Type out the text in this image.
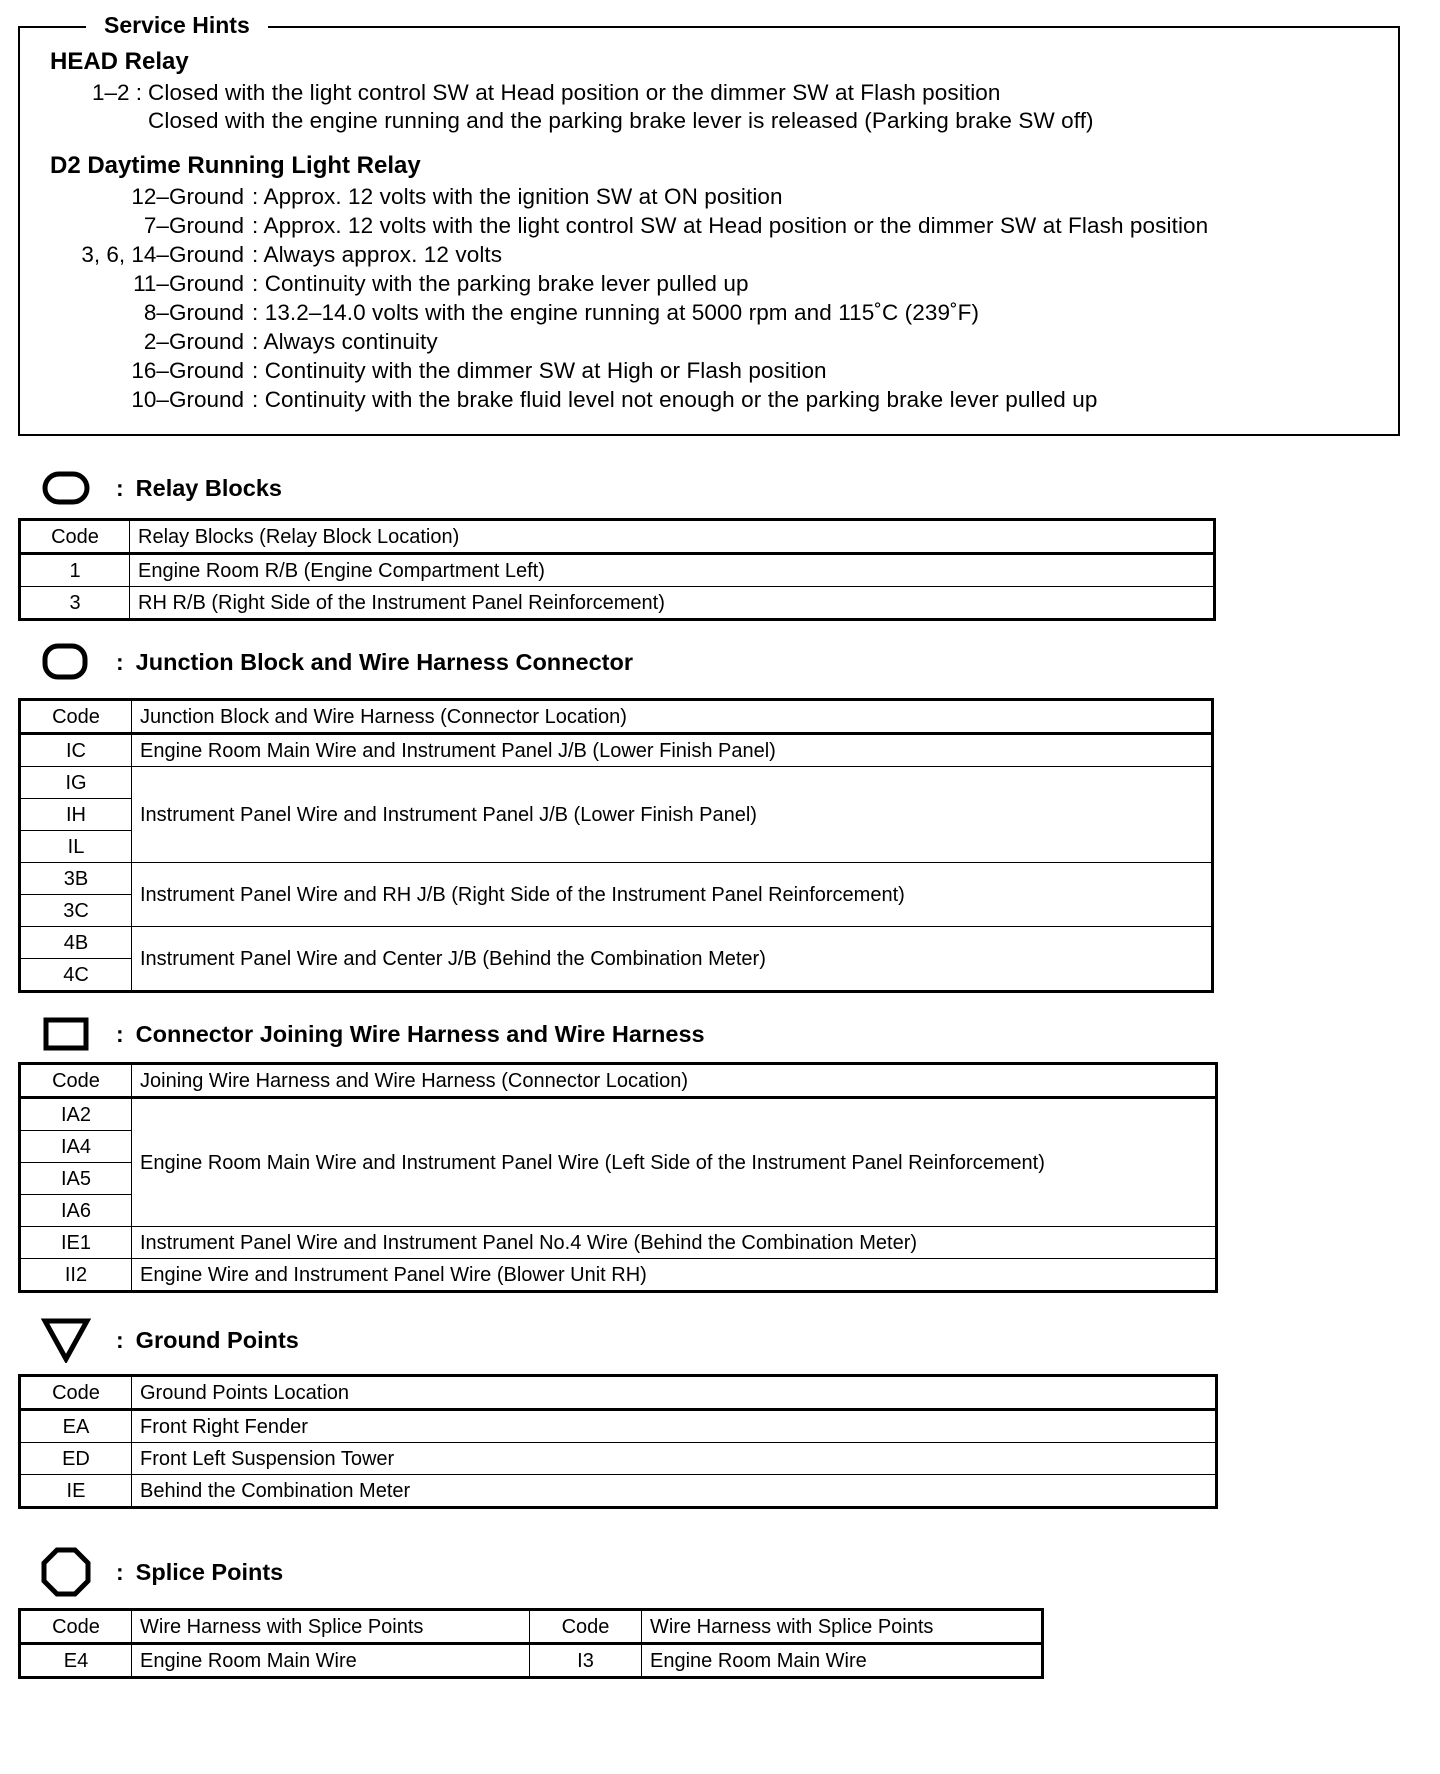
Service Hints
HEAD Relay
1–2 : Closed with the light control SW at Head position or the dimmer SW at Flash position
Closed with the engine running and the parking brake lever is released (Parking brake SW off)
D2 Daytime Running Light Relay
12–Ground : Approx. 12 volts with the ignition SW at ON position
7–Ground : Approx. 12 volts with the light control SW at Head position or the dimmer SW at Flash position
3, 6, 14–Ground : Always approx. 12 volts
11–Ground : Continuity with the parking brake lever pulled up
8–Ground : 13.2–14.0 volts with the engine running at 5000 rpm and 115˚C (239˚F)
2–Ground : Always continuity
16–Ground : Continuity with the dimmer SW at High or Flash position
10–Ground : Continuity with the brake fluid level not enough or the parking brake lever pulled up
: Relay Blocks
Code	Relay Blocks (Relay Block Location)
1	Engine Room R/B (Engine Compartment Left)
3	RH R/B (Right Side of the Instrument Panel Reinforcement)
: Junction Block and Wire Harness Connector
Code	Junction Block and Wire Harness (Connector Location)
IC	Engine Room Main Wire and Instrument Panel J/B (Lower Finish Panel)
IG	Instrument Panel Wire and Instrument Panel J/B (Lower Finish Panel)
IH	
IL	
3B	Instrument Panel Wire and RH J/B (Right Side of the Instrument Panel Reinforcement)
3C	
4B	Instrument Panel Wire and Center J/B (Behind the Combination Meter)
4C	
: Connector Joining Wire Harness and Wire Harness
Code	Joining Wire Harness and Wire Harness (Connector Location)
IA2	Engine Room Main Wire and Instrument Panel Wire (Left Side of the Instrument Panel Reinforcement)
IA4	
IA5	
IA6	
IE1	Instrument Panel Wire and Instrument Panel No.4 Wire (Behind the Combination Meter)
II2	Engine Wire and Instrument Panel Wire (Blower Unit RH)
: Ground Points
Code	Ground Points Location
EA	Front Right Fender
ED	Front Left Suspension Tower
IE	Behind the Combination Meter
: Splice Points
Code	Wire Harness with Splice Points	Code	Wire Harness with Splice Points
E4	Engine Room Main Wire	I3	Engine Room Main Wire
